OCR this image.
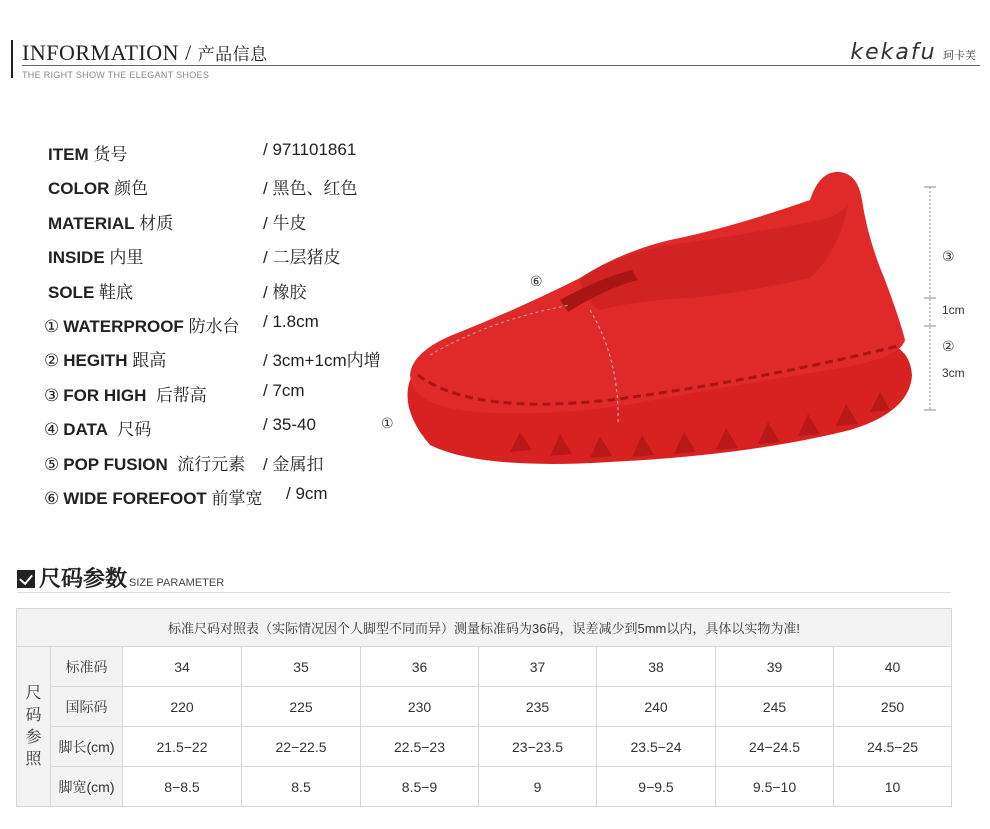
INFORMATION / 产品信息
THE RIGHT SHOW THE ELEGANT SHOES
kekafu 珂卡芙
ITEM 货号	/ 971101861
COLOR 颜色	/ 黑色、红色
MATERIAL 材质	/ 牛皮
INSIDE 内里	/ 二层猪皮
SOLE 鞋底	/ 橡胶
① WATERPROOF 防水台 / 1.8cm
② HEGITH 跟高	/ 3cm+1cm内增
③ FOR HIGH 后帮高	/ 7cm
④ DATA 尺码	/ 35-40
⑤ POP FUSION 流行元素 / 金属扣
⑥ WIDE FOREFOOT 前掌宽 / 9cm
⑥
①
③
1cm
②
3cm
尺码参数 SIZE PARAMETER
标准尺码对照表（实际情况因个人脚型不同而异）测量标准码为36码，误差减少到5mm以内，具体以实物为准!								
尺
码
参
照	标准码	34	35	36	37	38	39	40
	国际码	220	225	230	235	240	245	250
	脚长(cm)	21.5−22	22−22.5	22.5−23	23−23.5	23.5−24	24−24.5	24.5−25
	脚宽(cm)	8−8.5	8.5	8.5−9	9	9−9.5	9.5−10	10
